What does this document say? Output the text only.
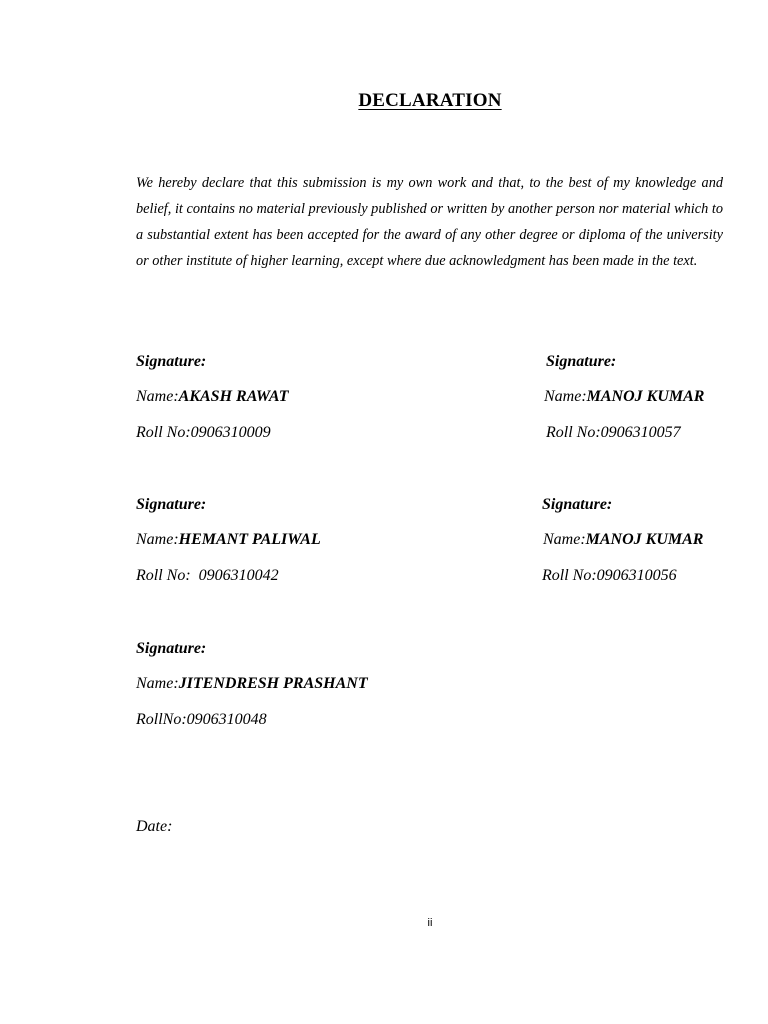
DECLARATION
We hereby declare that this submission is my own work and that, to the best of my knowledge and belief, it contains no material previously published or written by another person nor material which to a substantial extent has been accepted for the award of any other degree or diploma of the university or other institute of higher learning, except where due acknowledgment has been made in the text.
Signature:
Name:AKASH RAWAT
Roll No:0906310009
Signature:
Name:MANOJ KUMAR
Roll No:0906310057
Signature:
Name:HEMANT PALIWAL
Roll No:  0906310042
Signature:
Name:MANOJ KUMAR
Roll No:0906310056
Signature:
Name:JITENDRESH PRASHANT
RollNo:0906310048
Date:
ii
